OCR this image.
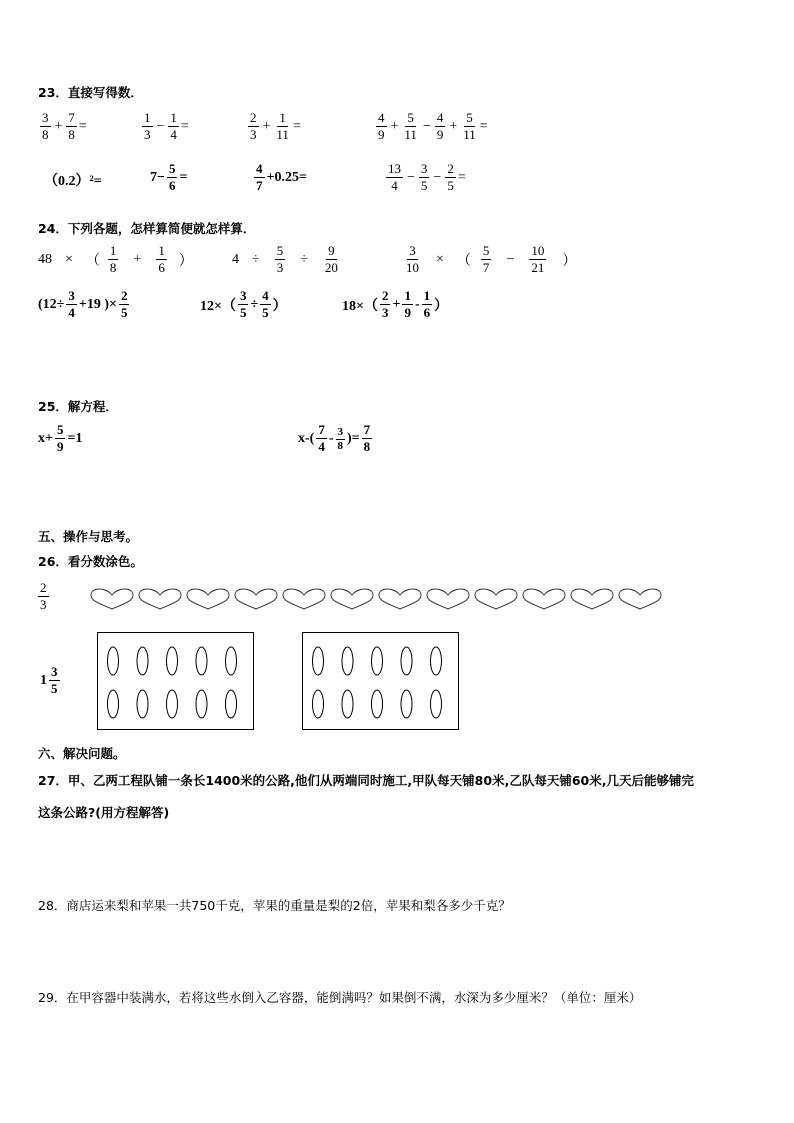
23．直接写得数．
$\frac{3}{8} + \frac{7}{8}$ =	$\frac{1}{3} - \frac{1}{4}$ =	$\frac{2}{3} + \frac{1}{11}$ =	$\frac{4}{9} + \frac{5}{11} - \frac{4}{9} + \frac{5}{11}$ =
（0.2）²=	$7- \frac{5}{6}$ =	$\frac{4}{7} +0.25=$	$\frac{13}{4} - \frac{3}{5} - \frac{2}{5}$ =
24．下列各题，怎样算简便就怎样算．
48 × （ $\frac{1}{8} + \frac{1}{6}$ ）	$4 \div \frac{5}{3} \div \frac{9}{20}$	$\frac{3}{10}$ × （ $\frac{5}{7} - \frac{10}{21}$ ）
($12\div \frac{3}{4} +19$ )× $\frac{2}{5}$	$12\times( \frac{3}{5} \div \frac{4}{5}$ ）	$18\times( \frac{2}{3} + \frac{1}{9} - \frac{1}{6}$ ）
25．解方程．
$x+ \frac{5}{9} =1$	$x-( \frac{7}{4} - \frac{3}{8}$ )= $\frac{7}{8}$
五、操作与思考。
26．看分数涂色。
$\frac{2}{3}$
$1 \frac{3}{5}$
六、解决问题。
27．甲、乙两工程队铺一条长1400米的公路,他们从两端同时施工,甲队每天铺80米,乙队每天铺60米,几天后能够铺完
这条公路?(用方程解答)
28．商店运来梨和苹果一共750千克，苹果的重量是梨的2倍，苹果和梨各多少千克？
29．在甲容器中装满水，若将这些水倒入乙容器，能倒满吗？如果倒不满，水深为多少厘米？（单位：厘米）
